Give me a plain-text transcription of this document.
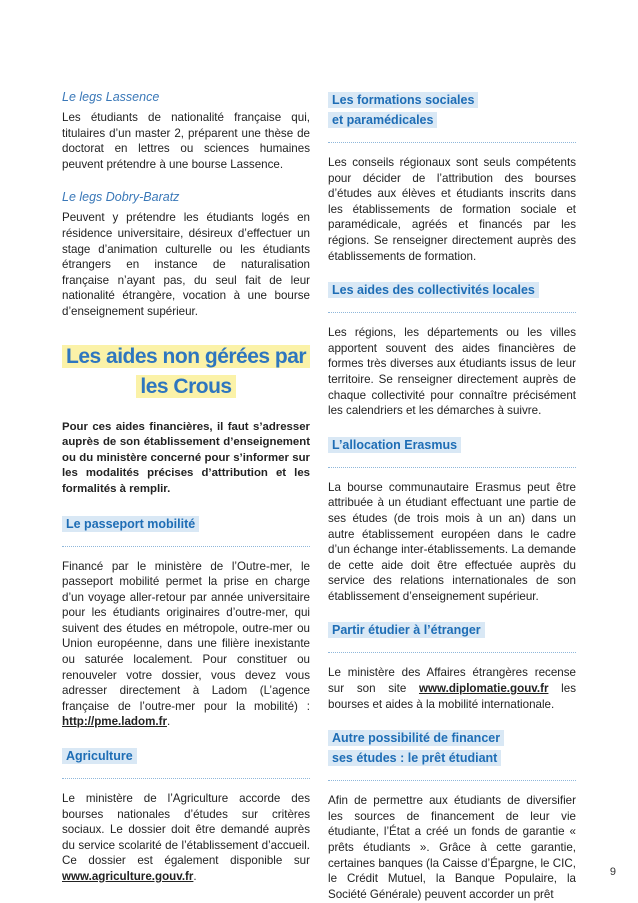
Le legs Lassence

Les étudiants de nationalité française qui, titulaires d’un master 2, préparent une thèse de doctorat en lettres ou sciences humaines peuvent prétendre à une bourse Lassence.

Le legs Dobry-Baratz

Peuvent y prétendre les étudiants logés en résidence universitaire, désireux d’effectuer un stage d’animation culturelle ou les étudiants étrangers en instance de naturalisation française n’ayant pas, du seul fait de leur nationalité étrangère, vocation à une bourse d’enseignement supérieur.

Les aides non gérées par les Crous

Pour ces aides financières, il faut s’adresser auprès de son établissement d’enseignement ou du ministère concerné pour s’informer sur les modalités précises d’attribution et les formalités à remplir.

Le passeport mobilité

Financé par le ministère de l’Outre-mer, le passeport mobilité permet la prise en charge d’un voyage aller-retour par année universitaire pour les étudiants originaires d’outre-mer, qui suivent des études en métropole, outre-mer ou Union européenne, dans une filière inexistante ou saturée localement. Pour constituer ou renouveler votre dossier, vous devez vous adresser directement à Ladom (L’agence française de l’outre-mer pour la mobilité) : http://pme.ladom.fr.

Agriculture

Le ministère de l’Agriculture accorde des bourses nationales d’études sur critères sociaux. Le dossier doit être demandé auprès du service scolarité de l’établissement d’accueil. Ce dossier est également disponible sur www.agriculture.gouv.fr.

Les formations sociales
et paramédicales

Les conseils régionaux sont seuls compétents pour décider de l’attribution des bourses d’études aux élèves et étudiants inscrits dans les établissements de formation sociale et paramédicale, agréés et financés par les régions. Se renseigner directement auprès des établissements de formation.

Les aides des collectivités locales

Les régions, les départements ou les villes apportent souvent des aides financières de formes très diverses aux étudiants issus de leur territoire. Se renseigner directement auprès de chaque collectivité pour connaître précisément les calendriers et les démarches à suivre.

L’allocation Erasmus

La bourse communautaire Erasmus peut être attribuée à un étudiant effectuant une partie de ses études (de trois mois à un an) dans un autre établissement européen dans le cadre d’un échange inter-établissements. La demande de cette aide doit être effectuée auprès du service des relations internationales de son établissement d’enseignement supérieur.

Partir étudier à l’étranger

Le ministère des Affaires étrangères recense sur son site www.diplomatie.gouv.fr les bourses et aides à la mobilité internationale.

Autre possibilité de financer
ses études : le prêt étudiant

Afin de permettre aux étudiants de diversifier les sources de financement de leur vie étudiante, l’État a créé un fonds de garantie « prêts étudiants ». Grâce à cette garantie, certaines banques (la Caisse d’Épargne, le CIC, le Crédit Mutuel, la Banque Populaire, la Société Générale) peuvent accorder un prêt

9
